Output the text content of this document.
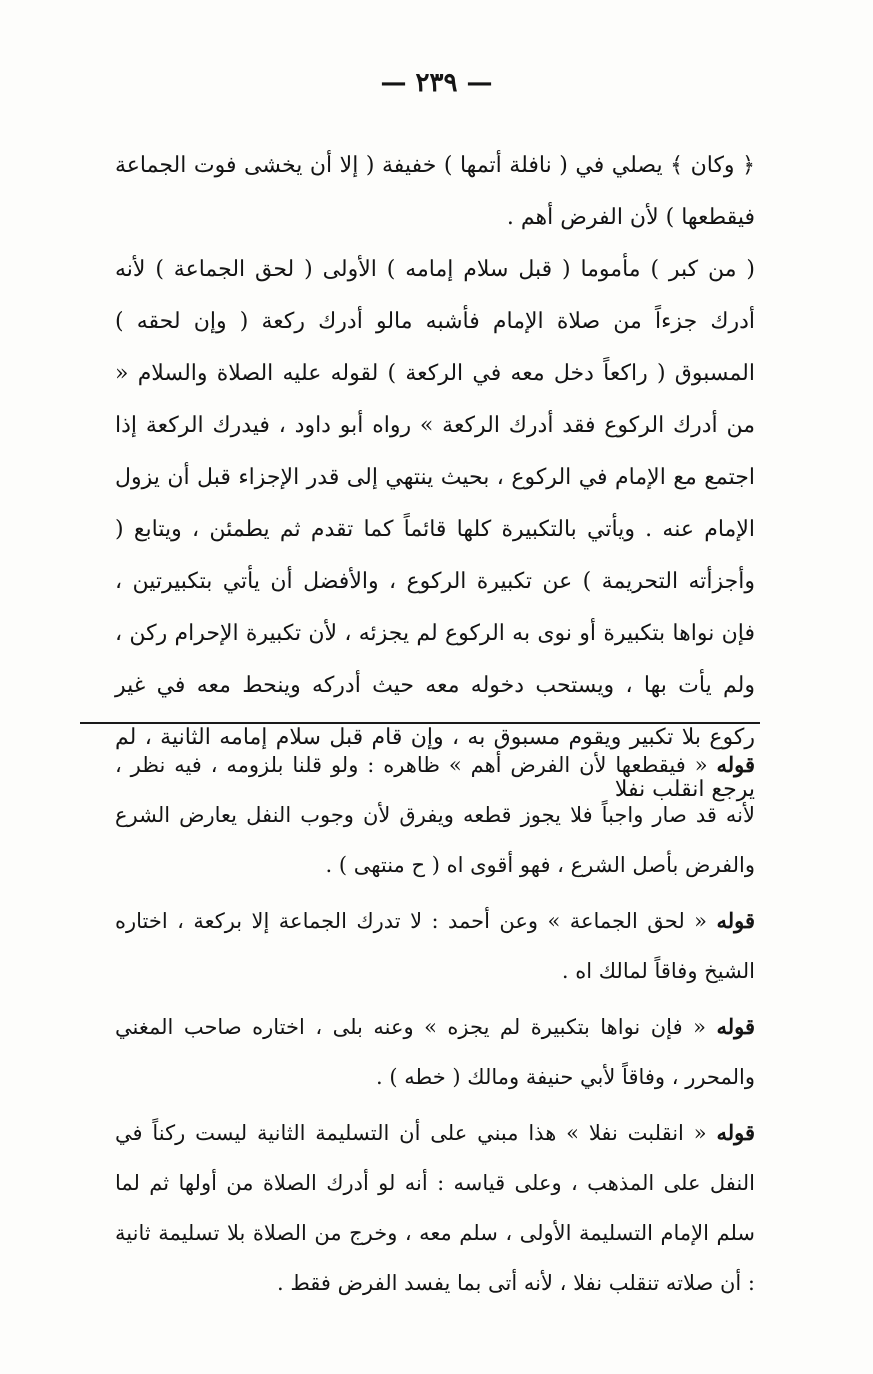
— ٢٣٩ —

﴿ وكان ﴾ يصلي في ( نافلة أتمها ) خفيفة ( إلا أن يخشى فوت الجماعة فيقطعها ) لأن الفرض أهم .

( من كبر ) مأموما ( قبل سلام إمامه ) الأولى ( لحق الجماعة ) لأنه أدرك جزءاً من صلاة الإمام فأشبه مالو أدرك ركعة ( وإن لحقه ) المسبوق ( راكعاً دخل معه في الركعة ) لقوله عليه الصلاة والسلام « من أدرك الركوع فقد أدرك الركعة » رواه أبو داود ، فيدرك الركعة إذا اجتمع مع الإمام في الركوع ، بحيث ينتهي إلى قدر الإجزاء قبل أن يزول الإمام عنه . ويأتي بالتكبيرة كلها قائماً كما تقدم ثم يطمئن ، ويتابع ( وأجزأته التحريمة ) عن تكبيرة الركوع ، والأفضل أن يأتي بتكبيرتين ، فإن نواها بتكبيرة أو نوى به الركوع لم يجزئه ، لأن تكبيرة الإحرام ركن ، ولم يأت بها ، ويستحب دخوله معه حيث أدركه وينحط معه في غير ركوع بلا تكبير ويقوم مسبوق به ، وإن قام قبل سلام إمامه الثانية ، لم يرجع انقلب نفلا

قوله « فيقطعها لأن الفرض أهم » ظاهره : ولو قلنا بلزومه ، فيه نظر ، لأنه قد صار واجباً فلا يجوز قطعه ويفرق لأن وجوب النفل يعارض الشرع والفرض بأصل الشرع ، فهو أقوى اه ( ح منتهى ) .

قوله « لحق الجماعة » وعن أحمد : لا تدرك الجماعة إلا بركعة ، اختاره الشيخ وفاقاً لمالك اه .

قوله « فإن نواها بتكبيرة لم يجزه » وعنه بلى ، اختاره صاحب المغني والمحرر ، وفاقاً لأبي حنيفة ومالك ( خطه ) .

قوله « انقلبت نفلا » هذا مبني على أن التسليمة الثانية ليست ركناً في النفل على المذهب ، وعلى قياسه : أنه لو أدرك الصلاة من أولها ثم لما سلم الإمام التسليمة الأولى ، سلم معه ، وخرج من الصلاة بلا تسليمة ثانية : أن صلاته تنقلب نفلا ، لأنه أتى بما يفسد الفرض فقط .
